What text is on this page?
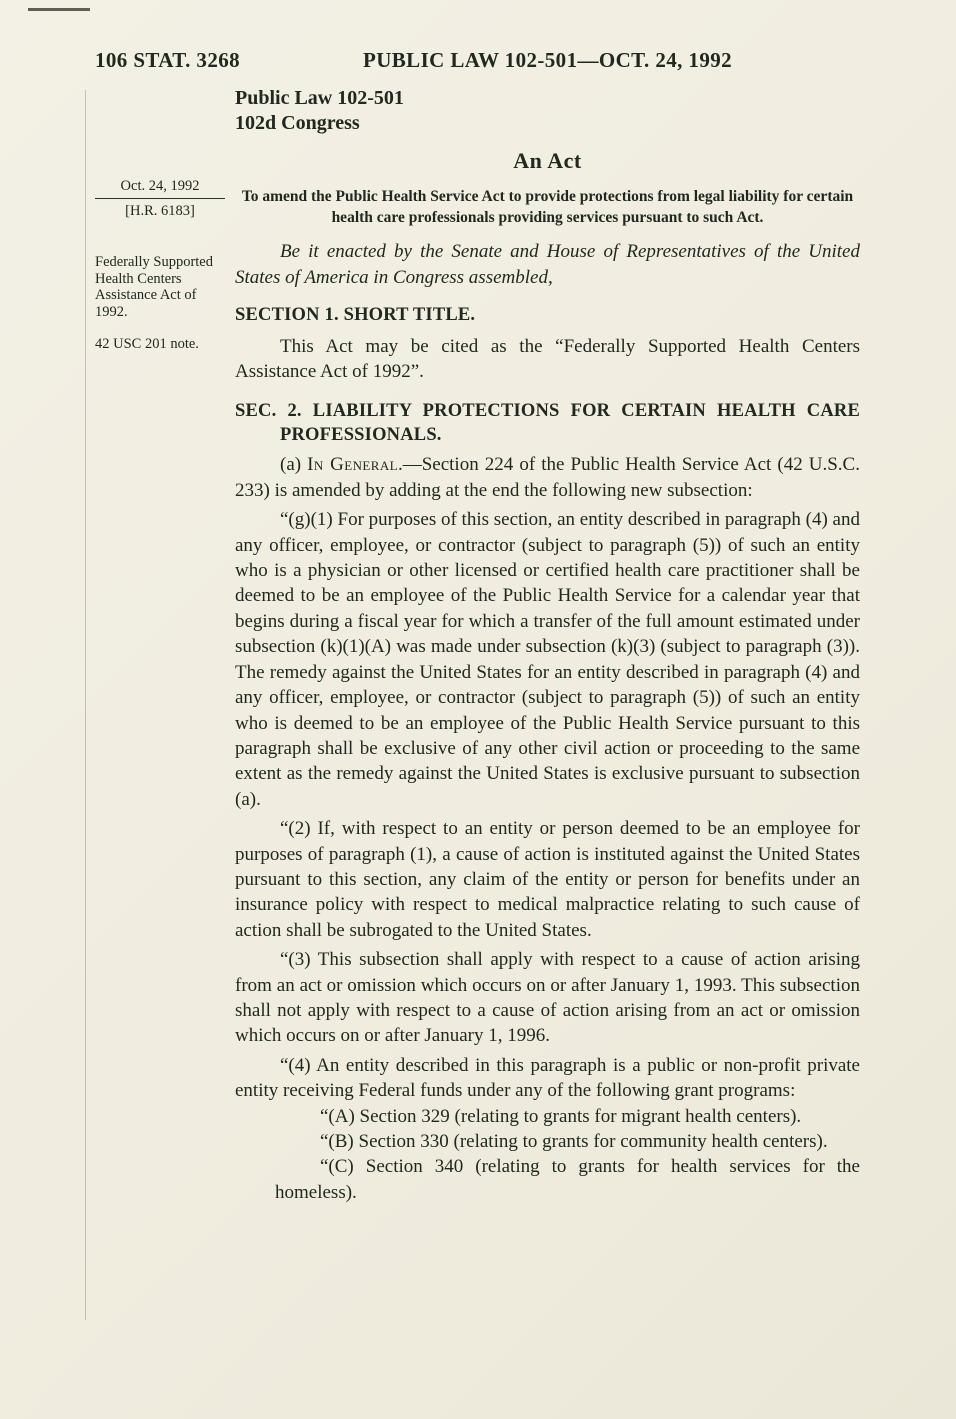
106 STAT. 3268	PUBLIC LAW 102-501—OCT. 24, 1992
Oct. 24, 1992
[H.R. 6183]
Federally Supported Health Centers Assistance Act of 1992.
42 USC 201 note.
Public Law 102-501
102d Congress
An Act

To amend the Public Health Service Act to provide protections from legal liability for certain health care professionals providing services pursuant to such Act.

Be it enacted by the Senate and House of Representatives of the United States of America in Congress assembled,

SECTION 1. SHORT TITLE.

This Act may be cited as the “Federally Supported Health Centers Assistance Act of 1992”.

SEC. 2. LIABILITY PROTECTIONS FOR CERTAIN HEALTH CARE PROFESSIONALS.

(a) In General.—Section 224 of the Public Health Service Act (42 U.S.C. 233) is amended by adding at the end the following new subsection:

“(g)(1) For purposes of this section, an entity described in paragraph (4) and any officer, employee, or contractor (subject to paragraph (5)) of such an entity who is a physician or other licensed or certified health care practitioner shall be deemed to be an employee of the Public Health Service for a calendar year that begins during a fiscal year for which a transfer of the full amount estimated under subsection (k)(1)(A) was made under subsection (k)(3) (subject to paragraph (3)). The remedy against the United States for an entity described in paragraph (4) and any officer, employee, or contractor (subject to paragraph (5)) of such an entity who is deemed to be an employee of the Public Health Service pursuant to this paragraph shall be exclusive of any other civil action or proceeding to the same extent as the remedy against the United States is exclusive pursuant to subsection (a).

“(2) If, with respect to an entity or person deemed to be an employee for purposes of paragraph (1), a cause of action is instituted against the United States pursuant to this section, any claim of the entity or person for benefits under an insurance policy with respect to medical malpractice relating to such cause of action shall be subrogated to the United States.

“(3) This subsection shall apply with respect to a cause of action arising from an act or omission which occurs on or after January 1, 1993. This subsection shall not apply with respect to a cause of action arising from an act or omission which occurs on or after January 1, 1996.

“(4) An entity described in this paragraph is a public or non-profit private entity receiving Federal funds under any of the following grant programs:

“(A) Section 329 (relating to grants for migrant health centers).

“(B) Section 330 (relating to grants for community health centers).

“(C) Section 340 (relating to grants for health services for the homeless).
